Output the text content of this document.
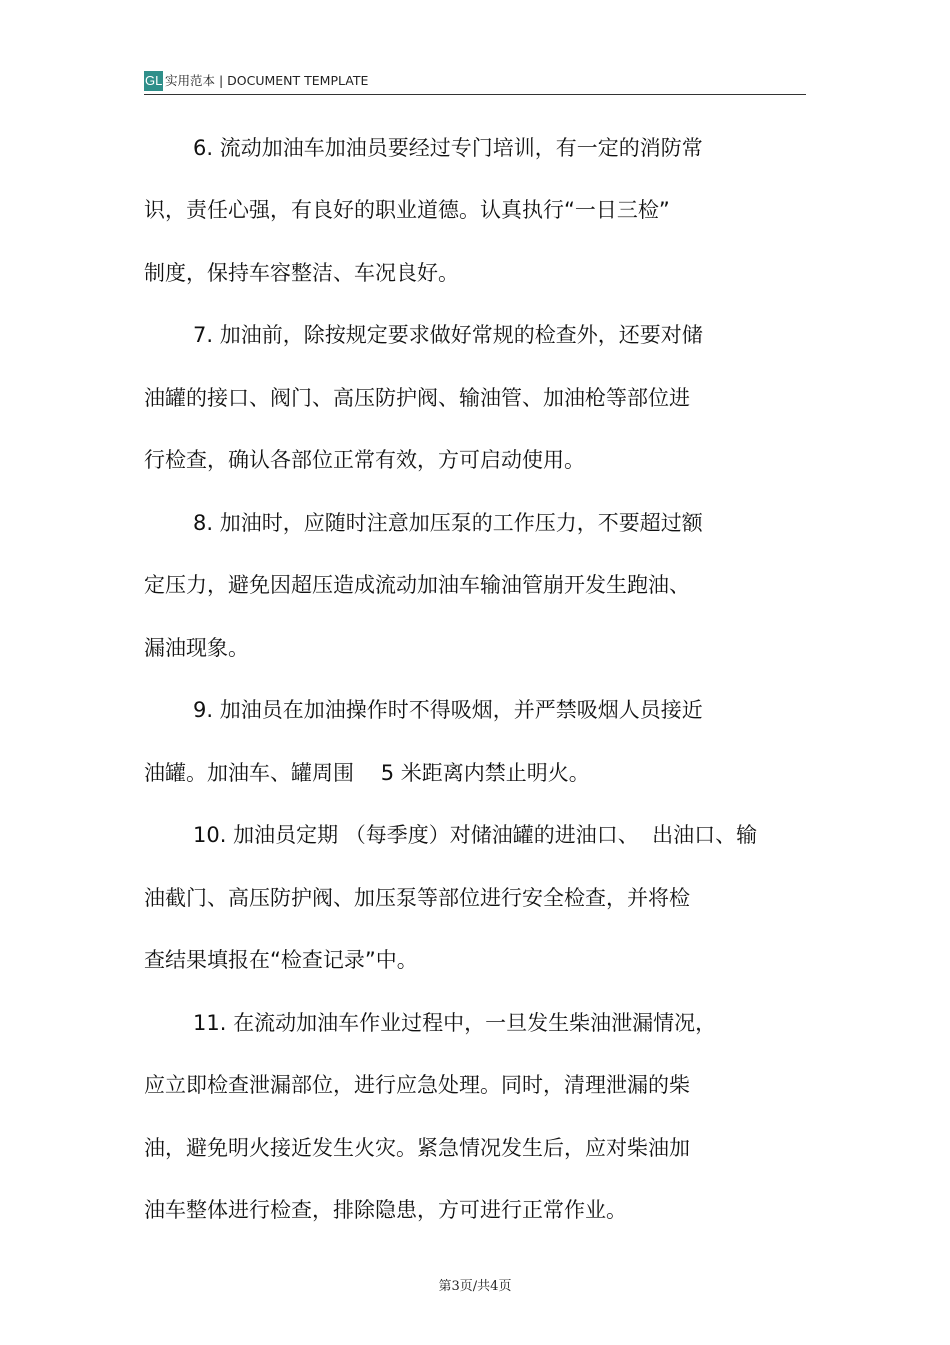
GL 实用范本 | DOCUMENT TEMPLATE
6. 流动加油车加油员要经过专门培训，有一定的消防常
识，责任心强，有良好的职业道德。认真执行“一日三检”
制度，保持车容整洁、车况良好。
7. 加油前，除按规定要求做好常规的检查外，还要对储
油罐的接口、阀门、高压防护阀、输油管、加油枪等部位进
行检查，确认各部位正常有效，方可启动使用。
8. 加油时，应随时注意加压泵的工作压力，不要超过额
定压力，避免因超压造成流动加油车输油管崩开发生跑油、
漏油现象。
9. 加油员在加油操作时不得吸烟，并严禁吸烟人员接近
油罐。加油车、罐周围    5 米距离内禁止明火。
10. 加油员定期 （每季度）对储油罐的进油口、  出油口、输
油截门、高压防护阀、加压泵等部位进行安全检查，并将检
查结果填报在“检查记录”中。
11. 在流动加油车作业过程中，一旦发生柴油泄漏情况，
应立即检查泄漏部位，进行应急处理。同时，清理泄漏的柴
油，避免明火接近发生火灾。紧急情况发生后，应对柴油加
油车整体进行检查，排除隐患，方可进行正常作业。
第3页/共4页
